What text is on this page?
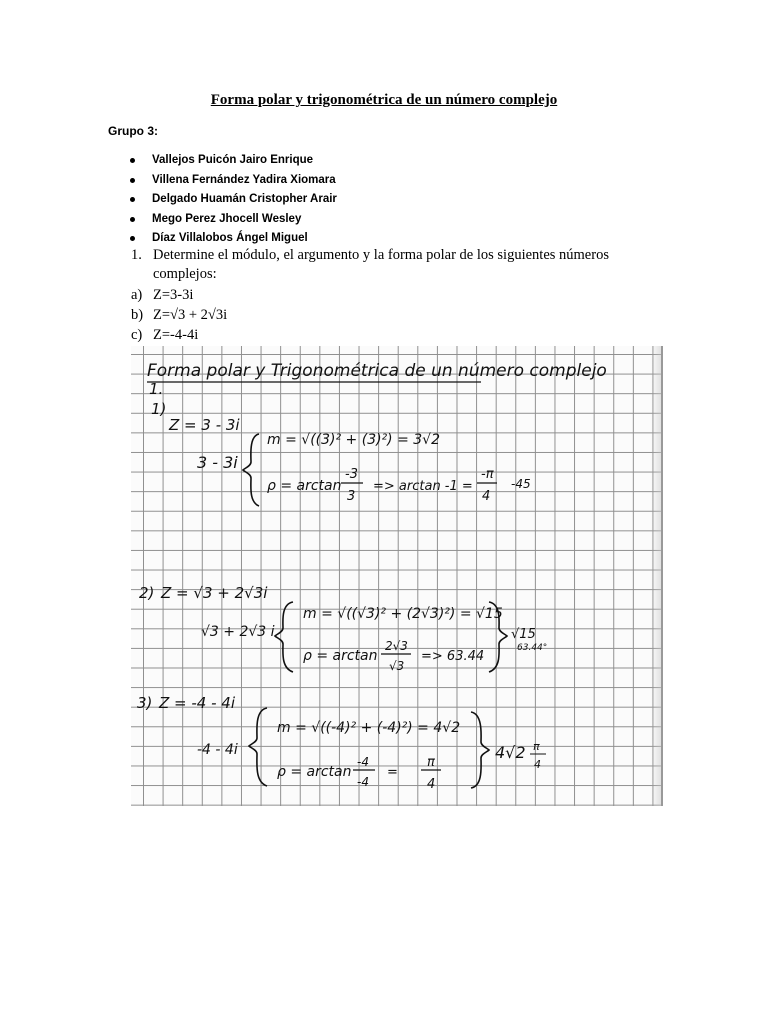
Forma polar y trigonométrica de un número complejo
Grupo 3:
Vallejos Puicón Jairo Enrique
Villena Fernández Yadira Xiomara
Delgado Huamán Cristopher Arair
Mego Perez Jhocell Wesley
Díaz Villalobos Ángel Miguel
1. Determine el módulo, el argumento y la forma polar de los siguientes números complejos:
a) Z=3-3i
b) Z=√3 + 2√3i
c) Z=-4-4i
Forma polar y Trigonométrica de un número complejo
1.
1)
Z = 3 - 3i
3 - 3i
m = √((3)² + (3)²) = 3√2
ρ = arctan
-3
3
=> arctan -1 =
-π
4
-45
2) Z = √3 + 2√3i
√3 + 2√3 i
m = √((√3)² + (2√3)²) = √15
ρ = arctan
2√3
√3
=> 63.44
√15
63.44°
3) Z = -4 - 4i
-4 - 4i
m = √((-4)² + (-4)²) = 4√2
ρ = arctan
-4
-4
=
π
4
4√2 π
4
